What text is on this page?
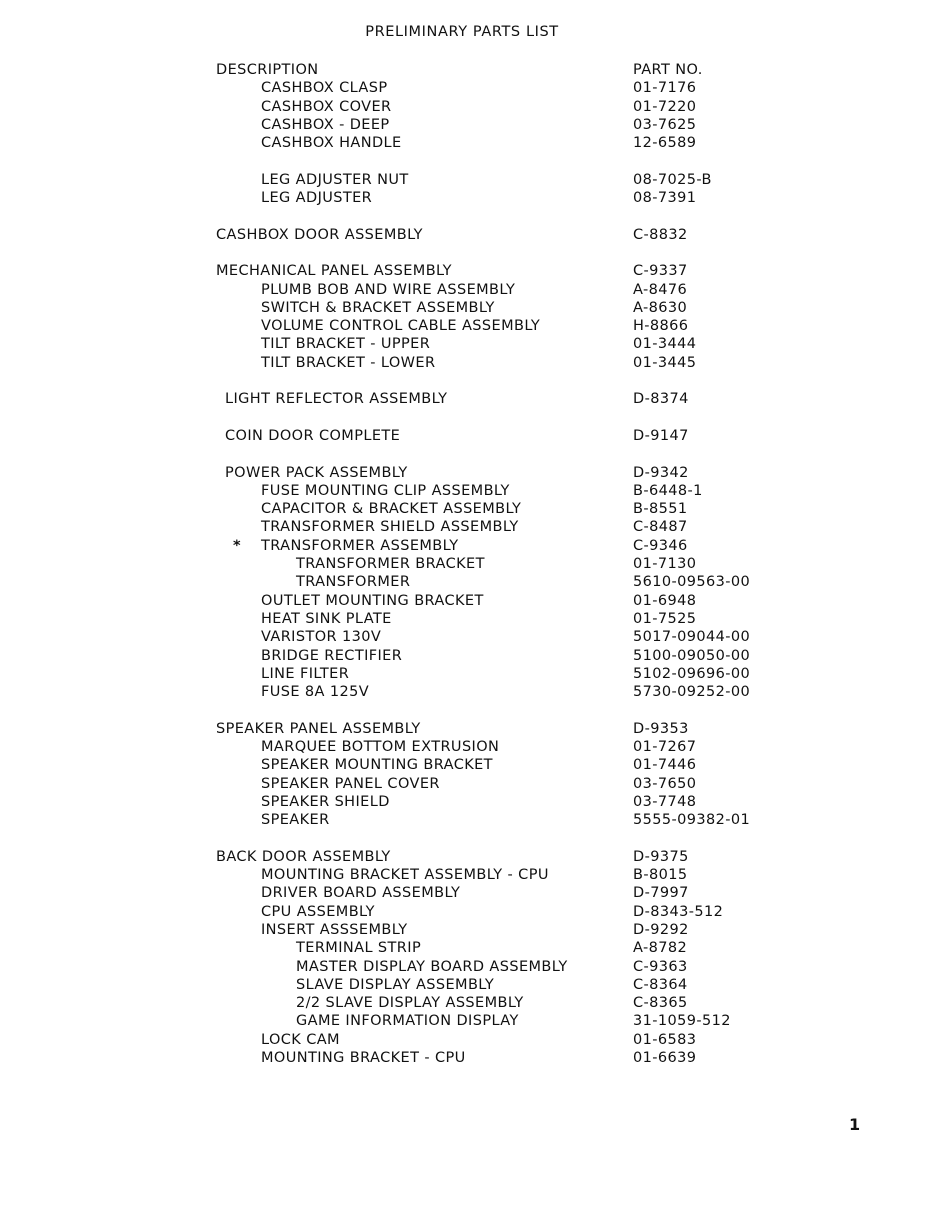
PRELIMINARY PARTS LIST
DESCRIPTION	PART NO.
CASHBOX CLASP	01-7176
CASHBOX COVER	01-7220
CASHBOX - DEEP	03-7625
CASHBOX HANDLE	12-6589
LEG ADJUSTER NUT	08-7025-B
LEG ADJUSTER	08-7391
CASHBOX DOOR ASSEMBLY	C-8832
MECHANICAL PANEL ASSEMBLY	C-9337
PLUMB BOB AND WIRE ASSEMBLY	A-8476
SWITCH & BRACKET ASSEMBLY	A-8630
VOLUME CONTROL CABLE ASSEMBLY	H-8866
TILT BRACKET - UPPER	01-3444
TILT BRACKET - LOWER	01-3445
LIGHT REFLECTOR ASSEMBLY	D-8374
COIN DOOR COMPLETE	D-9147
POWER PACK ASSEMBLY	D-9342
FUSE MOUNTING CLIP ASSEMBLY	B-6448-1
CAPACITOR & BRACKET ASSEMBLY	B-8551
TRANSFORMER SHIELD ASSEMBLY	C-8487
* TRANSFORMER ASSEMBLY	C-9346
TRANSFORMER BRACKET	01-7130
TRANSFORMER	5610-09563-00
OUTLET MOUNTING BRACKET	01-6948
HEAT SINK PLATE	01-7525
VARISTOR 130V	5017-09044-00
BRIDGE RECTIFIER	5100-09050-00
LINE FILTER	5102-09696-00
FUSE 8A 125V	5730-09252-00
SPEAKER PANEL ASSEMBLY	D-9353
MARQUEE BOTTOM EXTRUSION	01-7267
SPEAKER MOUNTING BRACKET	01-7446
SPEAKER PANEL COVER	03-7650
SPEAKER SHIELD	03-7748
SPEAKER	5555-09382-01
BACK DOOR ASSEMBLY	D-9375
MOUNTING BRACKET ASSEMBLY - CPU	B-8015
DRIVER BOARD ASSEMBLY	D-7997
CPU ASSEMBLY	D-8343-512
INSERT ASSSEMBLY	D-9292
TERMINAL STRIP	A-8782
MASTER DISPLAY BOARD ASSEMBLY	C-9363
SLAVE DISPLAY ASSEMBLY	C-8364
2/2 SLAVE DISPLAY ASSEMBLY	C-8365
GAME INFORMATION DISPLAY	31-1059-512
LOCK CAM	01-6583
MOUNTING BRACKET - CPU	01-6639
1
